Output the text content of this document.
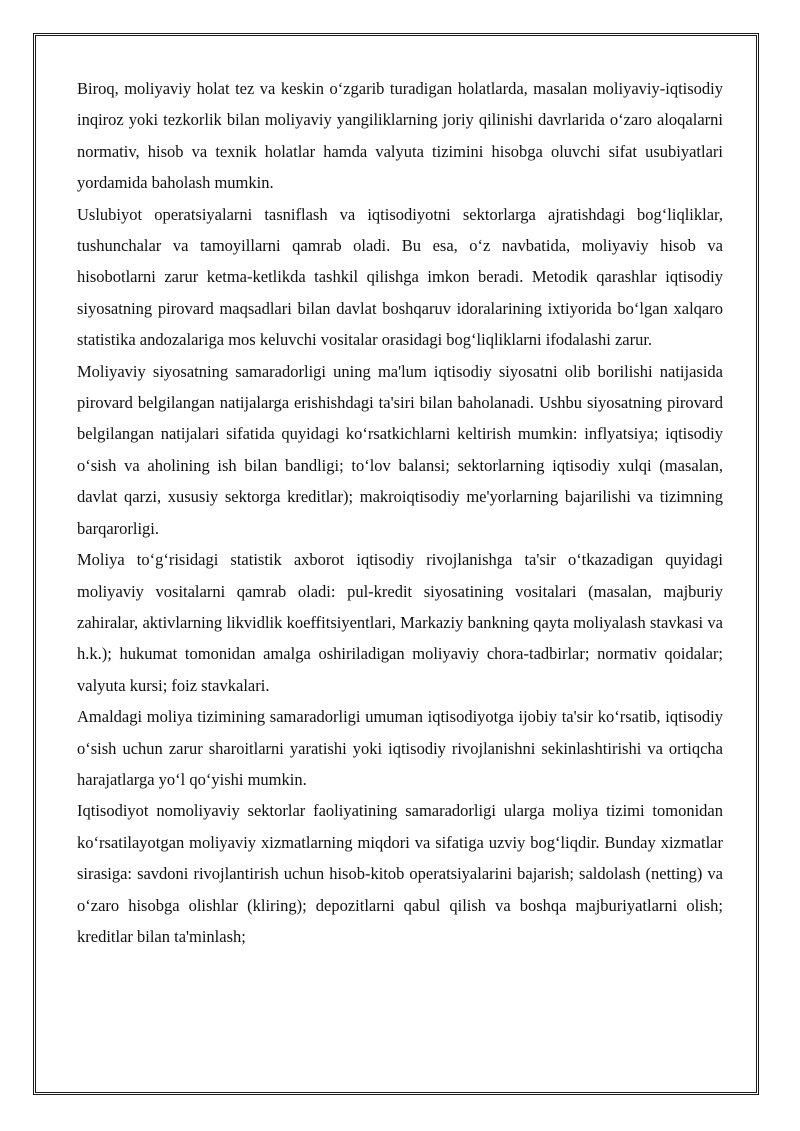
Biroq, moliyaviy holat tez va keskin o‘zgarib turadigan holatlarda, masalan moliyaviy-iqtisodiy inqiroz yoki tezkorlik bilan moliyaviy yangiliklarning joriy qilinishi davrlarida o‘zaro aloqalarni normativ, hisob va texnik holatlar hamda valyuta tizimini hisobga oluvchi sifat usubiyatlari yordamida baholash mumkin.

Uslubiyot operatsiyalarni tasniflash va iqtisodiyotni sektorlarga ajratishdagi bog‘liqliklar, tushunchalar va tamoyillarni qamrab oladi. Bu esa, o‘z navbatida, moliyaviy hisob va hisobotlarni zarur ketma-ketlikda tashkil qilishga imkon beradi. Metodik qarashlar iqtisodiy siyosatning pirovard maqsadlari bilan davlat boshqaruv idoralarining ixtiyorida bo‘lgan xalqaro statistika andozalariga mos keluvchi vositalar orasidagi bog‘liqliklarni ifodalashi zarur.

Moliyaviy siyosatning samaradorligi uning ma'lum iqtisodiy siyosatni olib borilishi natijasida pirovard belgilangan natijalarga erishishdagi ta'siri bilan baholanadi. Ushbu siyosatning pirovard belgilangan natijalari sifatida quyidagi ko‘rsatkichlarni keltirish mumkin: inflyatsiya; iqtisodiy o‘sish va aholining ish bilan bandligi; to‘lov balansi; sektorlarning iqtisodiy xulqi (masalan, davlat qarzi, xususiy sektorga kreditlar); makroiqtisodiy me'yorlarning bajarilishi va tizimning barqarorligi.

Moliya to‘g‘risidagi statistik axborot iqtisodiy rivojlanishga ta'sir o‘tkazadigan quyidagi moliyaviy vositalarni qamrab oladi: pul-kredit siyosatining vositalari (masalan, majburiy zahiralar, aktivlarning likvidlik koeffitsiyentlari, Markaziy bankning qayta moliyalash stavkasi va h.k.); hukumat tomonidan amalga oshiriladigan moliyaviy chora-tadbirlar; normativ qoidalar; valyuta kursi; foiz stavkalari.

Amaldagi moliya tizimining samaradorligi umuman iqtisodiyotga ijobiy ta'sir ko‘rsatib, iqtisodiy o‘sish uchun zarur sharoitlarni yaratishi yoki iqtisodiy rivojlanishni sekinlashtirishi va ortiqcha harajatlarga yo‘l qo‘yishi mumkin.

Iqtisodiyot nomoliyaviy sektorlar faoliyatining samaradorligi ularga moliya tizimi tomonidan ko‘rsatilayotgan moliyaviy xizmatlarning miqdori va sifatiga uzviy bog‘liqdir. Bunday xizmatlar sirasiga: savdoni rivojlantirish uchun hisob-kitob operatsiyalarini bajarish; saldolash (netting) va o‘zaro hisobga olishlar (kliring); depozitlarni qabul qilish va boshqa majburiyatlarni olish; kreditlar bilan ta'minlash;
